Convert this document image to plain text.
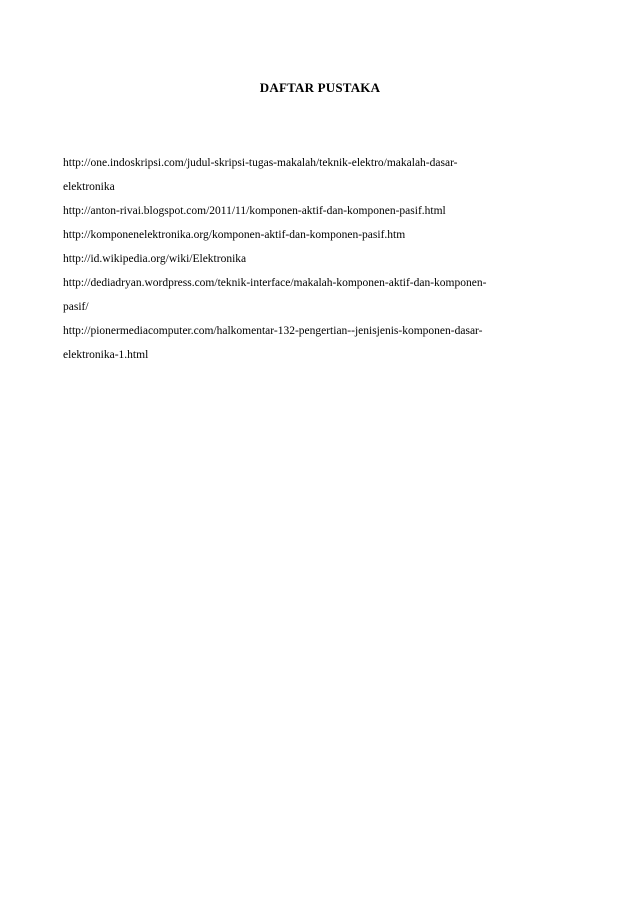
DAFTAR PUSTAKA
http://one.indoskripsi.com/judul-skripsi-tugas-makalah/teknik-elektro/makalah-dasar-
elektronika
http://anton-rivai.blogspot.com/2011/11/komponen-aktif-dan-komponen-pasif.html
http://komponenelektronika.org/komponen-aktif-dan-komponen-pasif.htm
http://id.wikipedia.org/wiki/Elektronika
http://dediadryan.wordpress.com/teknik-interface/makalah-komponen-aktif-dan-komponen-
pasif/
http://pionermediacomputer.com/halkomentar-132-pengertian--jenisjenis-komponen-dasar-
elektronika-1.html
